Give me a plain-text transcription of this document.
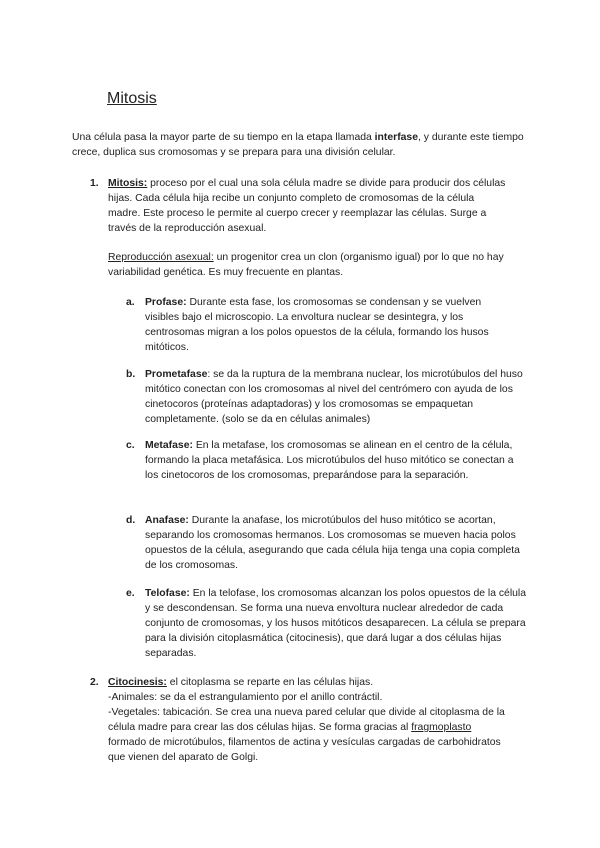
Mitosis

Una célula pasa la mayor parte de su tiempo en la etapa llamada interfase, y durante este tiempo crece, duplica sus cromosomas y se prepara para una división celular.

1. Mitosis: proceso por el cual una sola célula madre se divide para producir dos células hijas. Cada célula hija recibe un conjunto completo de cromosomas de la célula madre. Este proceso le permite al cuerpo crecer y reemplazar las células. Surge a través de la reproducción asexual.

Reproducción asexual: un progenitor crea un clon (organismo igual) por lo que no hay variabilidad genética. Es muy frecuente en plantas.

a. Profase: Durante esta fase, los cromosomas se condensan y se vuelven visibles bajo el microscopio. La envoltura nuclear se desintegra, y los centrosomas migran a los polos opuestos de la célula, formando los husos mitóticos.

b. Prometafase: se da la ruptura de la membrana nuclear, los microtúbulos del huso mitótico conectan con los cromosomas al nivel del centrómero con ayuda de los cinetocoros (proteínas adaptadoras) y los cromosomas se empaquetan completamente. (solo se da en células animales)

c. Metafase: En la metafase, los cromosomas se alinean en el centro de la célula, formando la placa metafásica. Los microtúbulos del huso mitótico se conectan a los cinetocoros de los cromosomas, preparándose para la separación.

d. Anafase: Durante la anafase, los microtúbulos del huso mitótico se acortan, separando los cromosomas hermanos. Los cromosomas se mueven hacia polos opuestos de la célula, asegurando que cada célula hija tenga una copia completa de los cromosomas.

e. Telofase: En la telofase, los cromosomas alcanzan los polos opuestos de la célula y se descondensan. Se forma una nueva envoltura nuclear alrededor de cada conjunto de cromosomas, y los husos mitóticos desaparecen. La célula se prepara para la división citoplasmática (citocinesis), que dará lugar a dos células hijas separadas.

2. Citocinesis: el citoplasma se reparte en las células hijas.
-Animales: se da el estrangulamiento por el anillo contráctil.
-Vegetales: tabicación. Se crea una nueva pared celular que divide al citoplasma de la célula madre para crear las dos células hijas. Se forma gracias al fragmoplasto formado de microtúbulos, filamentos de actina y vesículas cargadas de carbohidratos que vienen del aparato de Golgi.
